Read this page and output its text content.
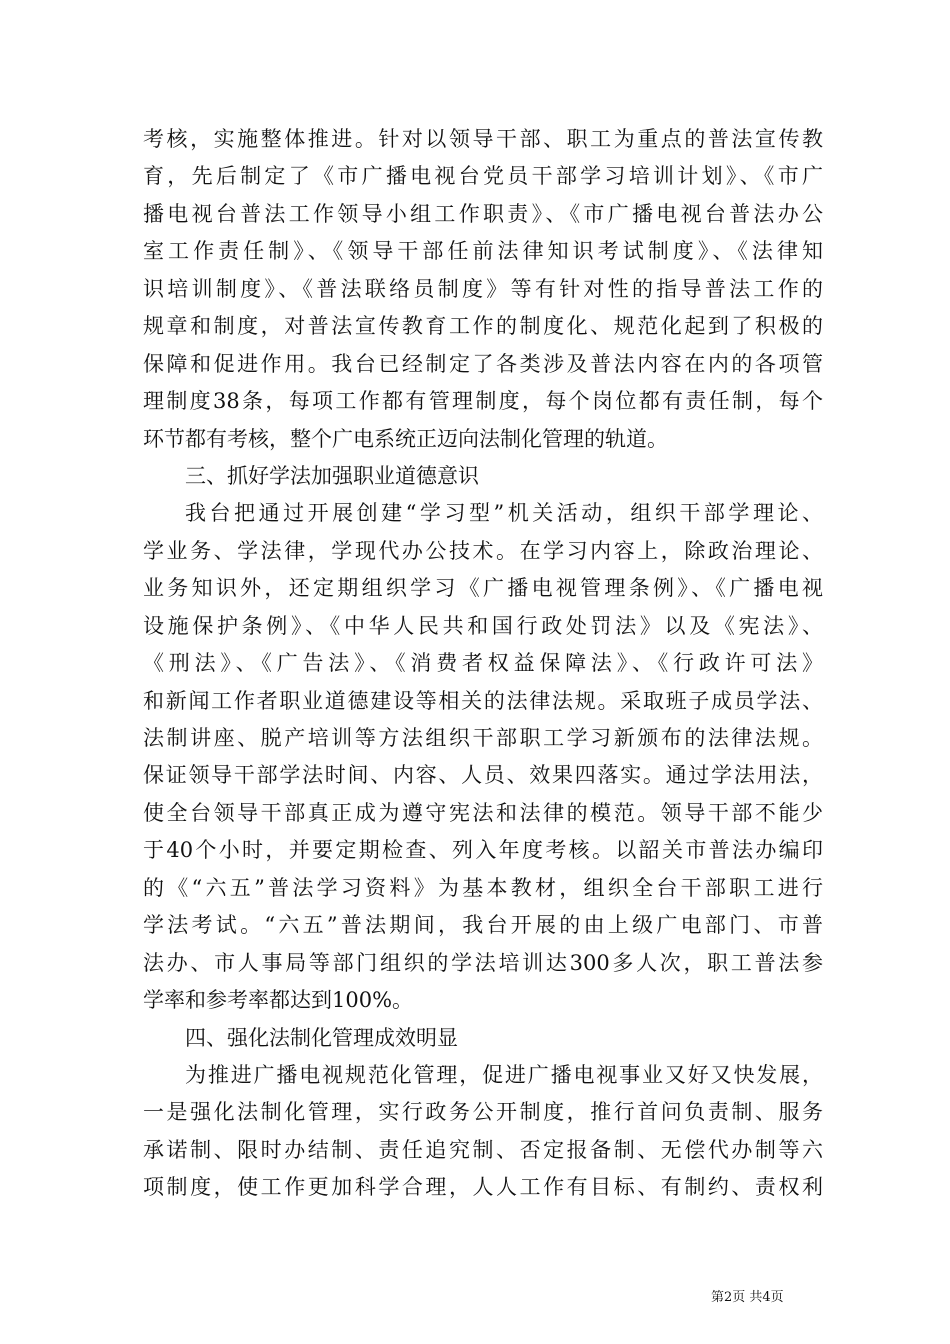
考核，实施整体推进。针对以领导干部、职工为重点的普法宣传教
育，先后制定了《市广播电视台党员干部学习培训计划》、《市广
播电视台普法工作领导小组工作职责》、《市广播电视台普法办公
室工作责任制》、《领导干部任前法律知识考试制度》、《法律知
识培训制度》、《普法联络员制度》等有针对性的指导普法工作的
规章和制度，对普法宣传教育工作的制度化、规范化起到了积极的
保障和促进作用。我台已经制定了各类涉及普法内容在内的各项管
理制度38条，每项工作都有管理制度，每个岗位都有责任制，每个
环节都有考核，整个广电系统正迈向法制化管理的轨道。
三、抓好学法加强职业道德意识
我台把通过开展创建“学习型”机关活动，组织干部学理论、
学业务、学法律，学现代办公技术。在学习内容上，除政治理论、
业务知识外，还定期组织学习《广播电视管理条例》、《广播电视
设施保护条例》、《中华人民共和国行政处罚法》以及《宪法》、
《刑法》、《广告法》、《消费者权益保障法》、《行政许可法》
和新闻工作者职业道德建设等相关的法律法规。采取班子成员学法、
法制讲座、脱产培训等方法组织干部职工学习新颁布的法律法规。
保证领导干部学法时间、内容、人员、效果四落实。通过学法用法，
使全台领导干部真正成为遵守宪法和法律的模范。领导干部不能少
于40个小时，并要定期检查、列入年度考核。以韶关市普法办编印
的《“六五”普法学习资料》为基本教材，组织全台干部职工进行
学法考试。“六五”普法期间，我台开展的由上级广电部门、市普
法办、市人事局等部门组织的学法培训达300多人次，职工普法参
学率和参考率都达到100%。
四、强化法制化管理成效明显
为推进广播电视规范化管理，促进广播电视事业又好又快发展，
一是强化法制化管理，实行政务公开制度，推行首问负责制、服务
承诺制、限时办结制、责任追究制、否定报备制、无偿代办制等六
项制度，使工作更加科学合理，人人工作有目标、有制约、责权利
第2页 共4页
